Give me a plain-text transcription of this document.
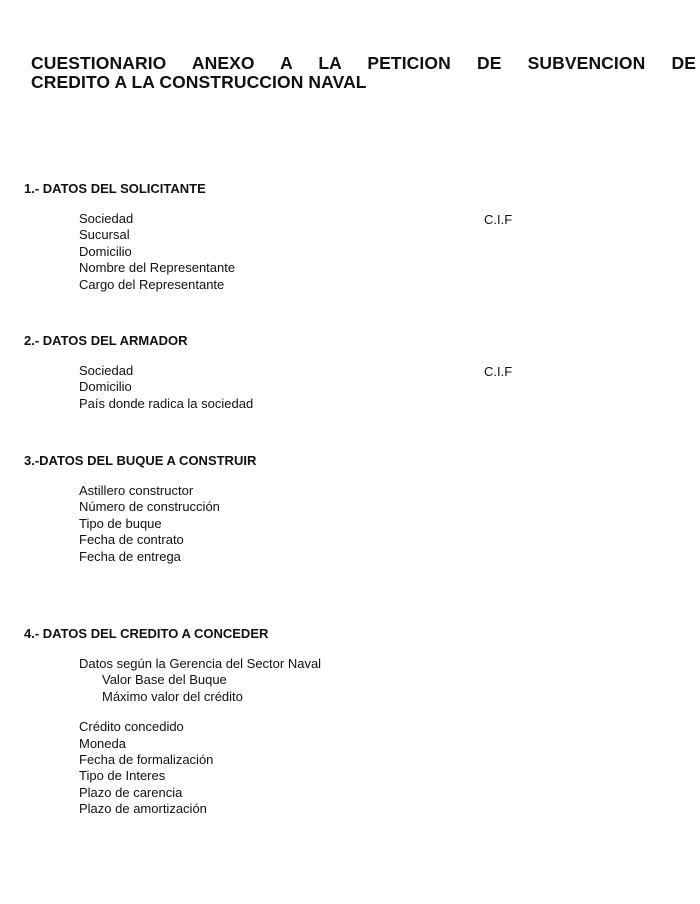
CUESTIONARIO ANEXO A LA PETICION DE SUBVENCION DE
CREDITO A LA CONSTRUCCION NAVAL
1.- DATOS DEL SOLICITANTE
Sociedad	C.I.F
Sucursal
Domicilio
Nombre del Representante
Cargo del Representante
2.- DATOS DEL ARMADOR
Sociedad	C.I.F
Domicilio
País donde radica la sociedad
3.-DATOS DEL BUQUE A CONSTRUIR
Astillero constructor
Número de construcción
Tipo de buque
Fecha de contrato
Fecha de entrega
4.- DATOS DEL CREDITO A CONCEDER
Datos según la Gerencia del Sector Naval
Valor Base del Buque
Máximo valor del crédito
Crédito concedido
Moneda
Fecha de formalización
Tipo de Interes
Plazo de carencia
Plazo de amortización
